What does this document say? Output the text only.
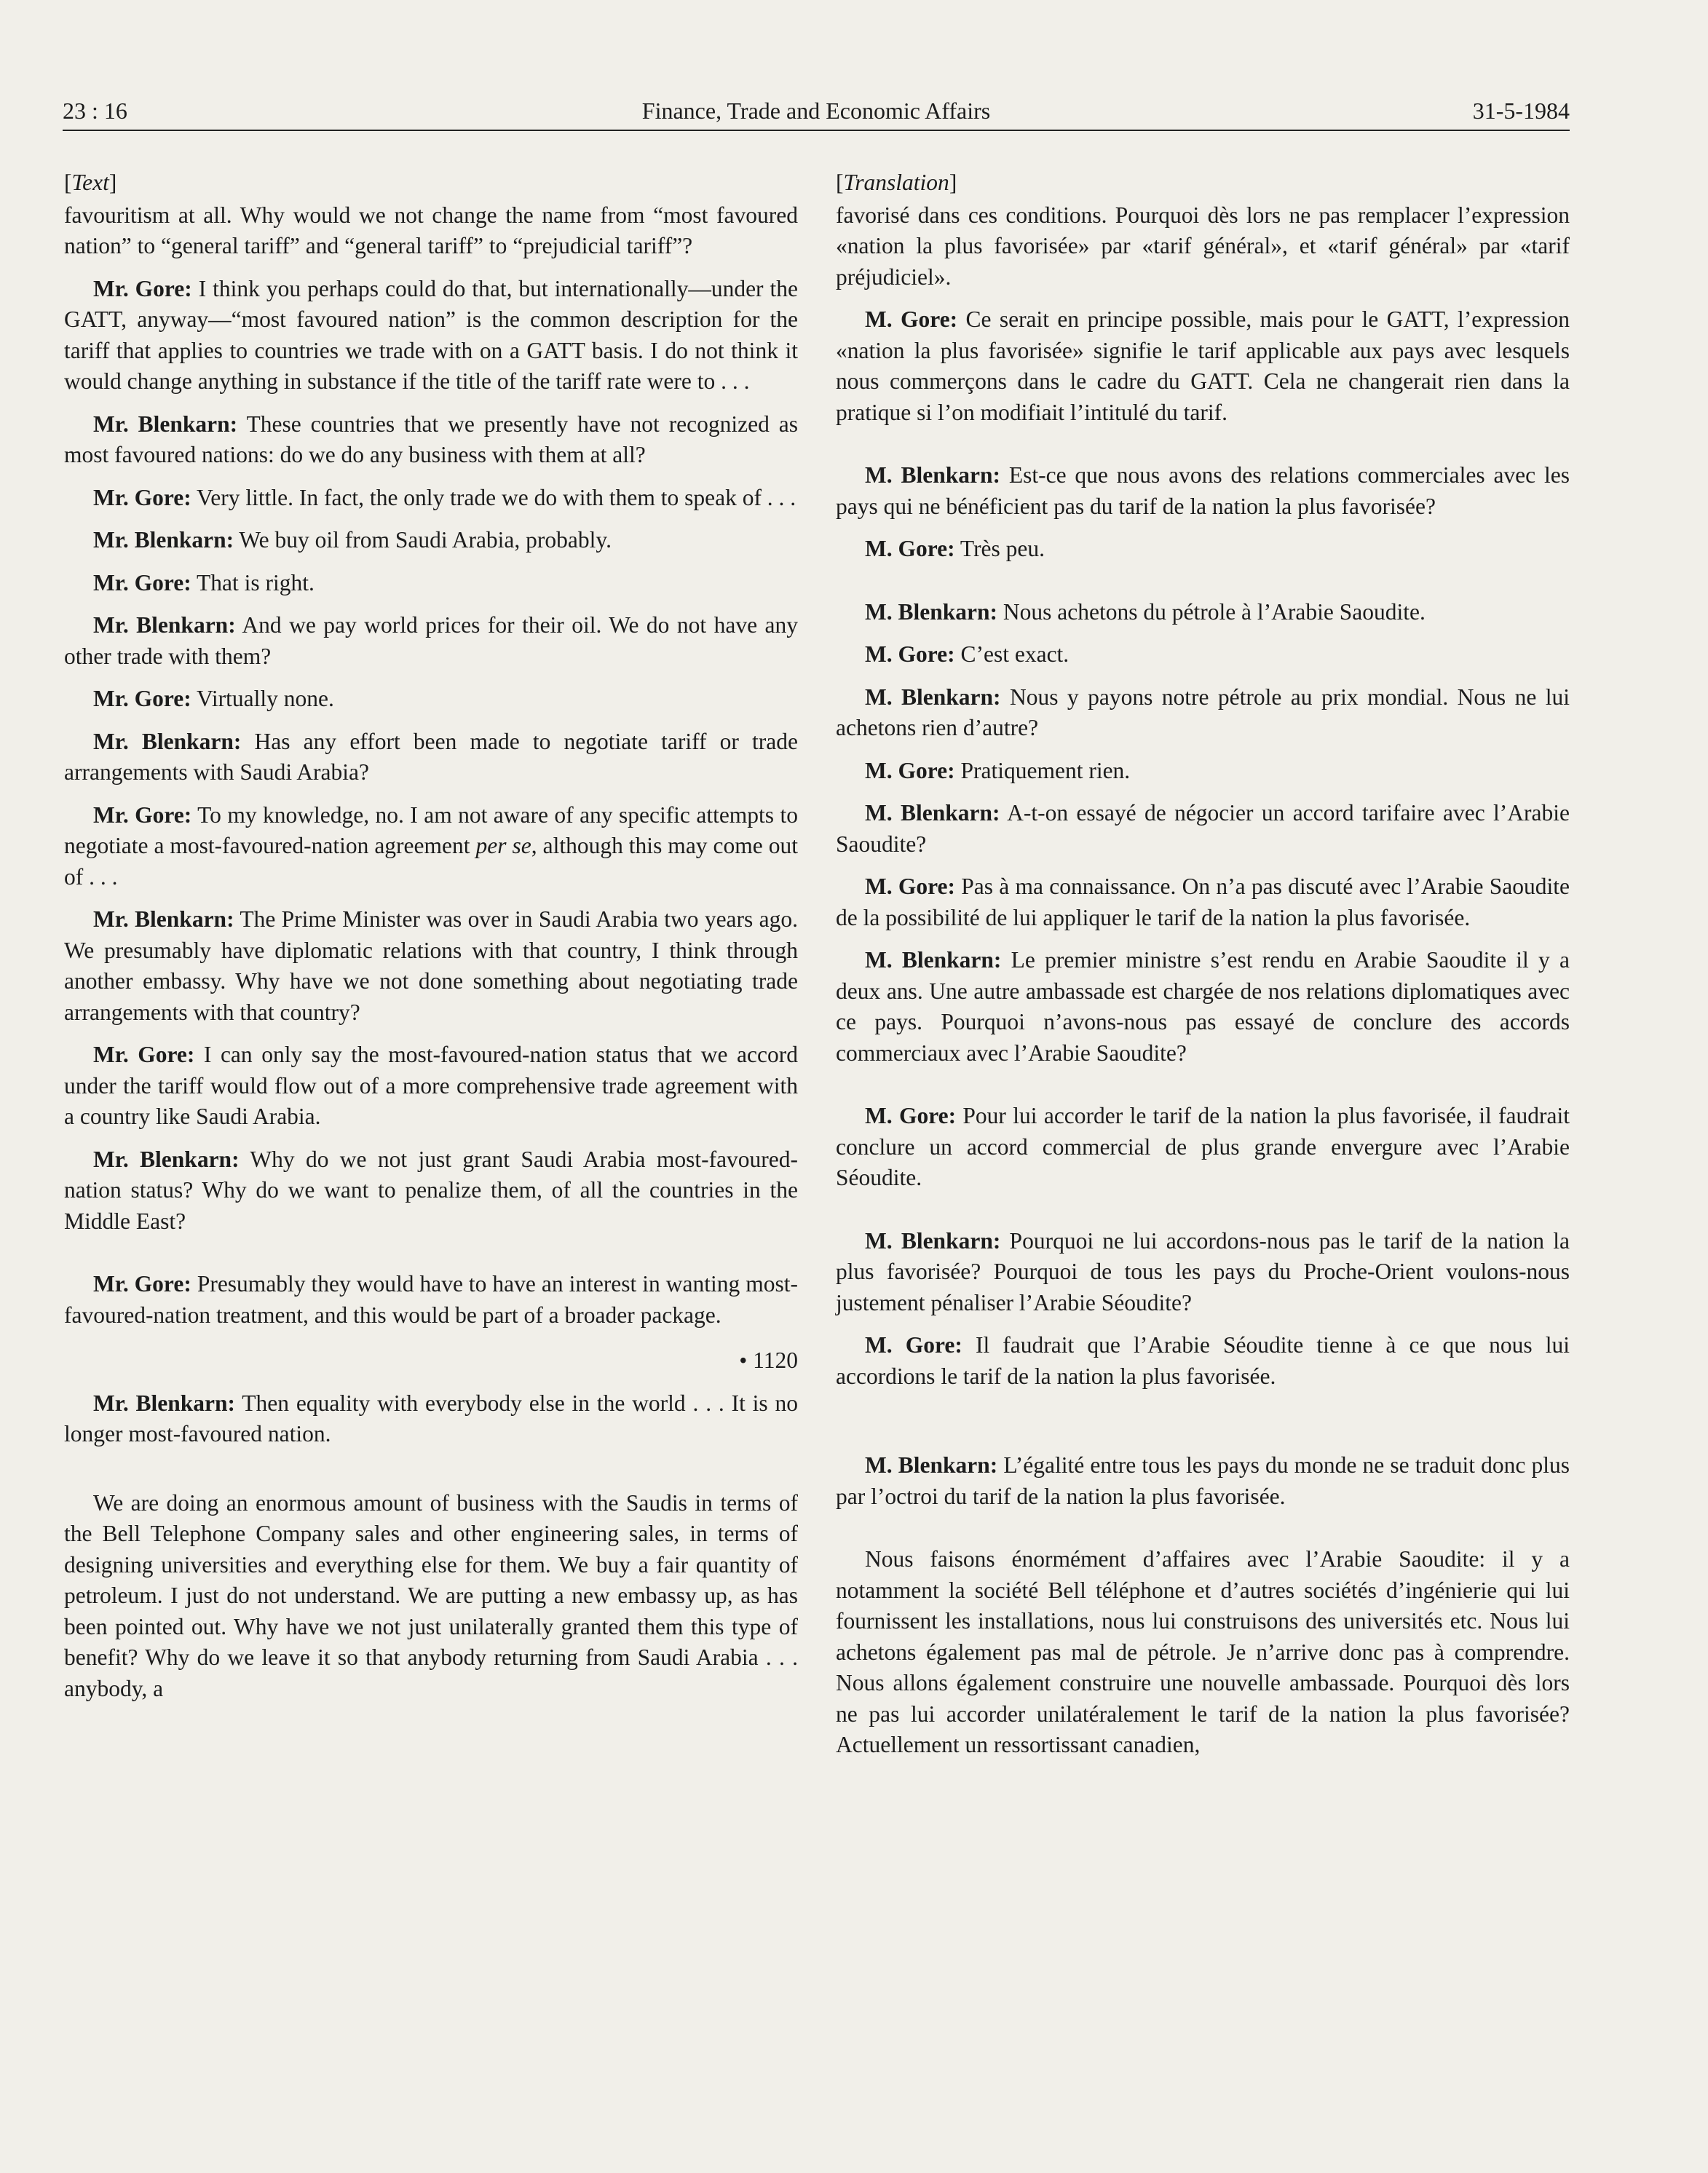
23 : 16	Finance, Trade and Economic Affairs	31-5-1984

[Text]

favouritism at all. Why would we not change the name from “most favoured nation” to “general tariff” and “general tariff” to “prejudicial tariff”?

Mr. Gore: I think you perhaps could do that, but internationally—under the GATT, anyway—“most favoured nation” is the common description for the tariff that applies to countries we trade with on a GATT basis. I do not think it would change anything in substance if the title of the tariff rate were to . . .

Mr. Blenkarn: These countries that we presently have not recognized as most favoured nations: do we do any business with them at all?

Mr. Gore: Very little. In fact, the only trade we do with them to speak of . . .

Mr. Blenkarn: We buy oil from Saudi Arabia, probably.

Mr. Gore: That is right.

Mr. Blenkarn: And we pay world prices for their oil. We do not have any other trade with them?

Mr. Gore: Virtually none.

Mr. Blenkarn: Has any effort been made to negotiate tariff or trade arrangements with Saudi Arabia?

Mr. Gore: To my knowledge, no. I am not aware of any specific attempts to negotiate a most-favoured-nation agreement per se, although this may come out of . . .

Mr. Blenkarn: The Prime Minister was over in Saudi Arabia two years ago. We presumably have diplomatic relations with that country, I think through another embassy. Why have we not done something about negotiating trade arrangements with that country?

Mr. Gore: I can only say the most-favoured-nation status that we accord under the tariff would flow out of a more comprehensive trade agreement with a country like Saudi Arabia.

Mr. Blenkarn: Why do we not just grant Saudi Arabia most-favoured-nation status? Why do we want to penalize them, of all the countries in the Middle East?

Mr. Gore: Presumably they would have to have an interest in wanting most-favoured-nation treatment, and this would be part of a broader package.

• 1120

Mr. Blenkarn: Then equality with everybody else in the world . . . It is no longer most-favoured nation.

We are doing an enormous amount of business with the Saudis in terms of the Bell Telephone Company sales and other engineering sales, in terms of designing universities and everything else for them. We buy a fair quantity of petroleum. I just do not understand. We are putting a new embassy up, as has been pointed out. Why have we not just unilaterally granted them this type of benefit? Why do we leave it so that anybody returning from Saudi Arabia . . . anybody, a

[Translation]

favorisé dans ces conditions. Pourquoi dès lors ne pas remplacer l’expression «nation la plus favorisée» par «tarif général», et «tarif général» par «tarif préjudiciel».

M. Gore: Ce serait en principe possible, mais pour le GATT, l’expression «nation la plus favorisée» signifie le tarif applicable aux pays avec lesquels nous commerçons dans le cadre du GATT. Cela ne changerait rien dans la pratique si l’on modifiait l’intitulé du tarif.

M. Blenkarn: Est-ce que nous avons des relations commerciales avec les pays qui ne bénéficient pas du tarif de la nation la plus favorisée?

M. Gore: Très peu.

M. Blenkarn: Nous achetons du pétrole à l’Arabie Saoudite.

M. Gore: C’est exact.

M. Blenkarn: Nous y payons notre pétrole au prix mondial. Nous ne lui achetons rien d’autre?

M. Gore: Pratiquement rien.

M. Blenkarn: A-t-on essayé de négocier un accord tarifaire avec l’Arabie Saoudite?

M. Gore: Pas à ma connaissance. On n’a pas discuté avec l’Arabie Saoudite de la possibilité de lui appliquer le tarif de la nation la plus favorisée.

M. Blenkarn: Le premier ministre s’est rendu en Arabie Saoudite il y a deux ans. Une autre ambassade est chargée de nos relations diplomatiques avec ce pays. Pourquoi n’avons-nous pas essayé de conclure des accords commerciaux avec l’Arabie Saoudite?

M. Gore: Pour lui accorder le tarif de la nation la plus favorisée, il faudrait conclure un accord commercial de plus grande envergure avec l’Arabie Séoudite.

M. Blenkarn: Pourquoi ne lui accordons-nous pas le tarif de la nation la plus favorisée? Pourquoi de tous les pays du Proche-Orient voulons-nous justement pénaliser l’Arabie Séoudite?

M. Gore: Il faudrait que l’Arabie Séoudite tienne à ce que nous lui accordions le tarif de la nation la plus favorisée.

M. Blenkarn: L’égalité entre tous les pays du monde ne se traduit donc plus par l’octroi du tarif de la nation la plus favorisée.

Nous faisons énormément d’affaires avec l’Arabie Saoudite: il y a notamment la société Bell téléphone et d’autres sociétés d’ingénierie qui lui fournissent les installations, nous lui construisons des universités etc. Nous lui achetons également pas mal de pétrole. Je n’arrive donc pas à comprendre. Nous allons également construire une nouvelle ambassade. Pourquoi dès lors ne pas lui accorder unilatéralement le tarif de la nation la plus favorisée? Actuellement un ressortissant canadien,
